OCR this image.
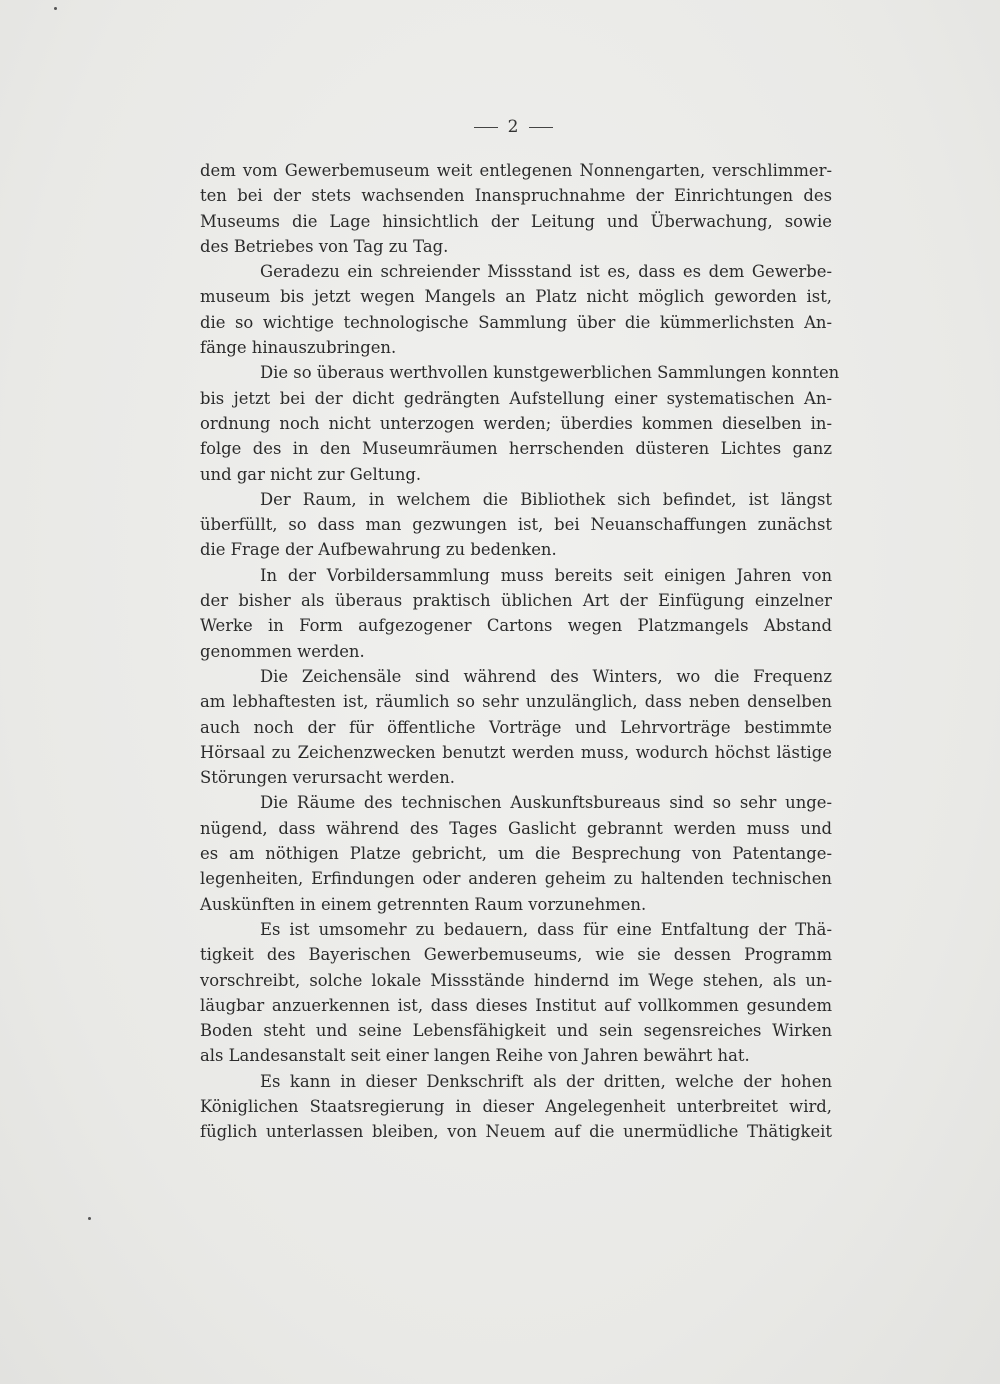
2
dem vom Gewerbemuseum weit entlegenen Nonnengarten, verschlimmer-
ten bei der stets wachsenden Inanspruchnahme der Einrichtungen des
Museums die Lage hinsichtlich der Leitung und Überwachung, sowie
des Betriebes von Tag zu Tag.
Geradezu ein schreiender Missstand ist es, dass es dem Gewerbe-
museum bis jetzt wegen Mangels an Platz nicht möglich geworden ist,
die so wichtige technologische Sammlung über die kümmerlichsten An-
fänge hinauszubringen.
Die so überaus werthvollen kunstgewerblichen Sammlungen konnten
bis jetzt bei der dicht gedrängten Aufstellung einer systematischen An-
ordnung noch nicht unterzogen werden; überdies kommen dieselben in-
folge des in den Museumräumen herrschenden düsteren Lichtes ganz
und gar nicht zur Geltung.
Der Raum, in welchem die Bibliothek sich befindet, ist längst
überfüllt, so dass man gezwungen ist, bei Neuanschaffungen zunächst
die Frage der Aufbewahrung zu bedenken.
In der Vorbildersammlung muss bereits seit einigen Jahren von
der bisher als überaus praktisch üblichen Art der Einfügung einzelner
Werke in Form aufgezogener Cartons wegen Platzmangels Abstand
genommen werden.
Die Zeichensäle sind während des Winters, wo die Frequenz
am lebhaftesten ist, räumlich so sehr unzulänglich, dass neben denselben
auch noch der für öffentliche Vorträge und Lehrvorträge bestimmte
Hörsaal zu Zeichenzwecken benutzt werden muss, wodurch höchst lästige
Störungen verursacht werden.
Die Räume des technischen Auskunftsbureaus sind so sehr unge-
nügend, dass während des Tages Gaslicht gebrannt werden muss und
es am nöthigen Platze gebricht, um die Besprechung von Patentange-
legenheiten, Erfindungen oder anderen geheim zu haltenden technischen
Auskünften in einem getrennten Raum vorzunehmen.
Es ist umsomehr zu bedauern, dass für eine Entfaltung der Thä-
tigkeit des Bayerischen Gewerbemuseums, wie sie dessen Programm
vorschreibt, solche lokale Missstände hindernd im Wege stehen, als un-
läugbar anzuerkennen ist, dass dieses Institut auf vollkommen gesundem
Boden steht und seine Lebensfähigkeit und sein segensreiches Wirken
als Landesanstalt seit einer langen Reihe von Jahren bewährt hat.
Es kann in dieser Denkschrift als der dritten, welche der hohen
Königlichen Staatsregierung in dieser Angelegenheit unterbreitet wird,
füglich unterlassen bleiben, von Neuem auf die unermüdliche Thätigkeit
